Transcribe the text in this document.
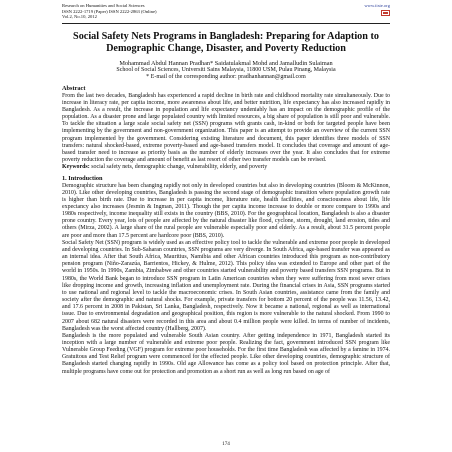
Research on Humanities and Social Sciences
ISSN 2222-1719 (Paper) ISSN 2222-2863 (Online)
Vol.2, No.10, 2012
www.iiste.org
Social Safety Nets Programs in Bangladesh: Preparing for Adaption to Demographic Change, Disaster, and Poverty Reduction
Mohammad Abdul Hannan Pradhan* Saidatulakmal Mohd and Jamalludin Sulaiman
School of Social Sciences, Universiti Sains Malaysia, 11800 USM, Pulau Pinang, Malaysia
* E-mail of the corresponding author: pradhanhannan@gmail.com
Abstract
From the last two decades, Bangladesh has experienced a rapid decline in birth rate and childhood mortality rate simultaneously. Due to increase in literacy rate, per capita income, more awareness about life, and better nutrition, life expectancy has also increased rapidly in Bangladesh. As a result, the increase in population and life expectancy undeniably has an impact on the demographic profile of the population. As a disaster prone and large populated country with limited resources, a big share of population is still poor and vulnerable. To tackle the situation a large scale social safety net (SSN) programs with grants cash, in-kind or both for targeted people have been implementing by the government and non-government organization. This paper is an attempt to provide an overview of the current SSN program implemented by the government. Considering existing literature and document, this paper identifies three models of SSN transfers: natural shocked-based, extreme poverty-based and age-based transfers model. It concludes that coverage and amount of age-based transfer need to increase as priority basis as the number of elderly increases over the year. It also concludes that for extreme poverty reduction the coverage and amount of benefit as last resort of other two transfer models can be revised.
Keywords: social safety nets, demographic change, vulnerability, elderly, and poverty
1. Introduction
Demographic structure has been changing rapidly not only in developed countries but also in developing countries (Bloom & McKinnon, 2010). Like other developing countries, Bangladesh is passing the second stage of demographic transition where population growth rate is higher than birth rate. Due to increase in per capita income, literature rate, health facilities, and consciousness about life, life expectancy also increases (Jesmin & Ingman, 2011). Though the per capita income increase to double or more compare to 1990s and 1980s respectively, income inequality still exists in the country (BBS, 2010). For the geographical location, Bangladesh is also a disaster prone country. Every year, lots of people are affected by the natural disaster like flood, cyclone, storm, drought, land erosion, tides and others (Mirza, 2002). A large share of the rural people are vulnerable especially poor and elderly. As a result, about 31.5 percent people are poor and more than 17.5 percent are hardcore poor (BBS, 2010).
Social Safety Net (SSN) program is widely used as an effective policy tool to tackle the vulnerable and extreme poor people in developed and developing countries. In Sub-Saharan countries, SSN programs are very diverge. In South Africa, age-based transfer was appeared as an internal idea. After that South Africa, Mauritius, Namibia and other African countries introduced this program as non-contributory pension program (Niño-Zarazúa, Barrientos, Hickey, & Hulme, 2012). This policy idea was extended to Europe and other part of the world in 1950s. In 1990s, Zambia, Zimbabwe and other countries started vulnerability and poverty based transfers SSN programs. But in 1980s, the World Bank began to introduce SSN program in Latin American countries when they were suffering from most sever crises like dropping income and growth, increasing inflation and unemployment rate. During the financial crises in Asia, SSN programs started to use national and regional level to tackle the macroeconomic crises. In South Asian countries, assistance came from the family and society after the demographic and natural shocks. For example, private transfers for bottom 20 percent of the people was 11.56, 13.42, and 17.6 percent in 2008 in Pakistan, Sri Lanka, Bangladesh, respectively. Now it became a national, regional as well as international issue. Due to environmental degradation and geographical position, this region is more vulnerable to the natural shocked. From 1990 to 2007 about 682 natural disasters were recorded in this area and about 0.4 million people were killed. In terms of number of incidents, Bangladesh was the worst affected country (Hallberg, 2007).
Bangladesh is the more populated and vulnerable South Asian country. After getting independence in 1971, Bangladesh started its inception with a large number of vulnerable and extreme poor people. Realizing the fact, government introduced SSN program like Vulnerable Group Feeding (VGF) program for extreme poor households. For the first time Bangladesh was affected by a famine in 1974. Gratuitous and Test Relief program were commenced for the effected people. Like other developing countries, demographic structure of Bangladesh started changing rapidly in 1990s. Old age Allowance has come as a policy tool based on protection principle. After that, multiple programs have come out for protection and promotion as a short run as well as long run based on age of
174
